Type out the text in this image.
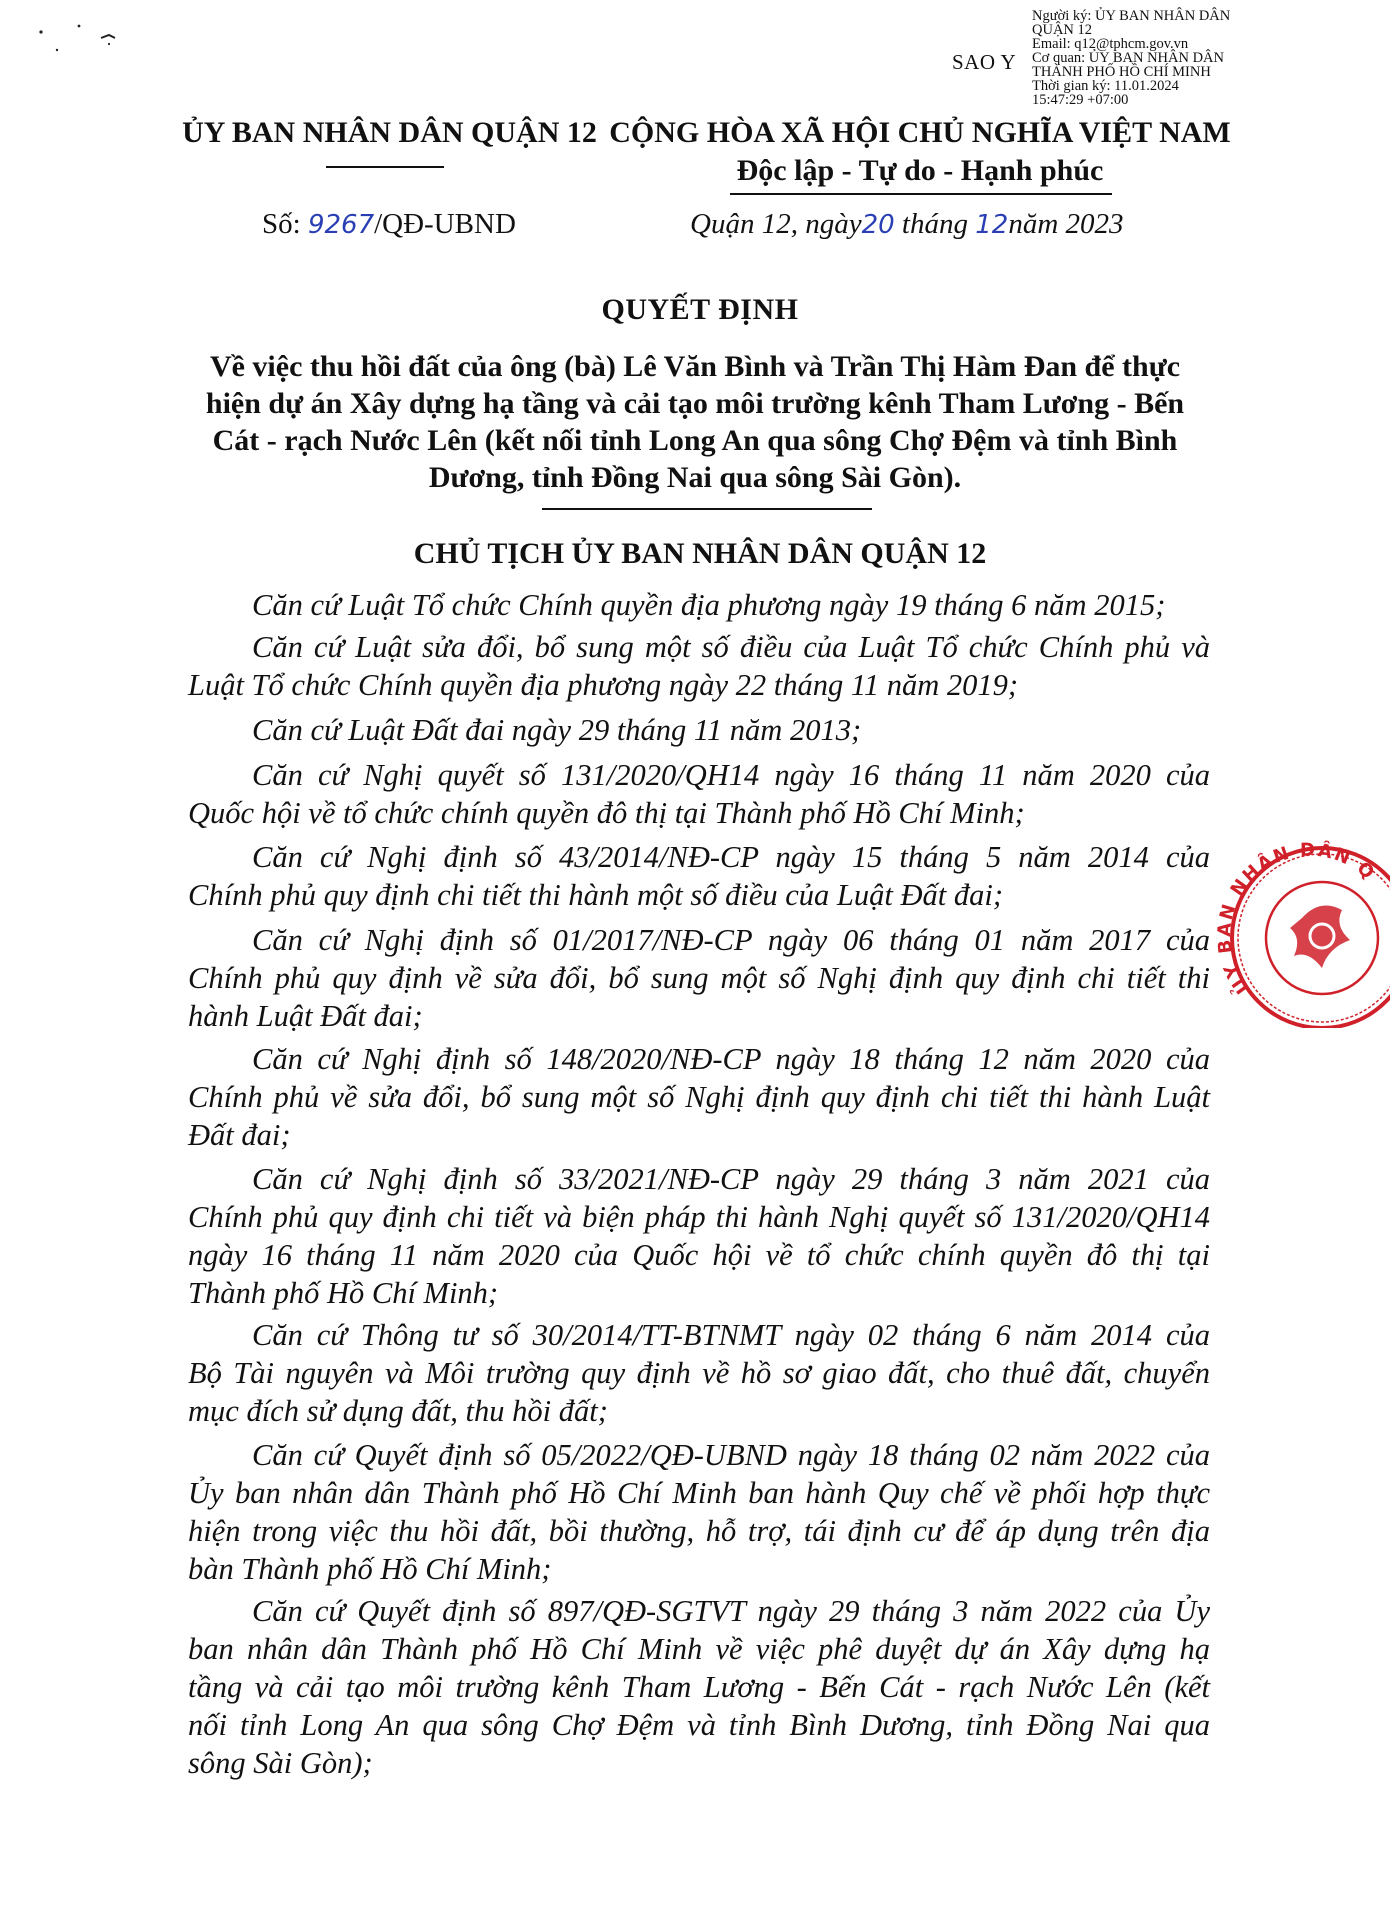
Người ký: ỦY BAN NHÂN DÂN
QUẬN 12
Email: q12@tphcm.gov.vn
Cơ quan: ỦY BAN NHÂN DÂN
THÀNH PHỐ HỒ CHÍ MINH
Thời gian ký: 11.01.2024
15:47:29 +07:00
SAO Y
ỦY BAN NHÂN DÂN QUẬN 12 CỘNG HÒA XÃ HỘI CHỦ NGHĨA VIỆT NAM
Độc lập - Tự do - Hạnh phúc
Số: 9267/QĐ-UBND	Quận 12, ngày20 tháng 12năm 2023
QUYẾT ĐỊNH
Về việc thu hồi đất của ông (bà) Lê Văn Bình và Trần Thị Hàm Đan để thực
hiện dự án Xây dựng hạ tầng và cải tạo môi trường kênh Tham Lương - Bến
Cát - rạch Nước Lên (kết nối tỉnh Long An qua sông Chợ Đệm và tỉnh Bình
Dương, tỉnh Đồng Nai qua sông Sài Gòn).
CHỦ TỊCH ỦY BAN NHÂN DÂN QUẬN 12
Căn cứ Luật Tổ chức Chính quyền địa phương ngày 19 tháng 6 năm 2015;
Căn cứ Luật sửa đổi, bổ sung một số điều của Luật Tổ chức Chính phủ và
Luật Tổ chức Chính quyền địa phương ngày 22 tháng 11 năm 2019;
Căn cứ Luật Đất đai ngày 29 tháng 11 năm 2013;
Căn cứ Nghị quyết số 131/2020/QH14 ngày 16 tháng 11 năm 2020 của
Quốc hội về tổ chức chính quyền đô thị tại Thành phố Hồ Chí Minh;
Căn cứ Nghị định số 43/2014/NĐ-CP ngày 15 tháng 5 năm 2014 của
Chính phủ quy định chi tiết thi hành một số điều của Luật Đất đai;
Căn cứ Nghị định số 01/2017/NĐ-CP ngày 06 tháng 01 năm 2017 của
Chính phủ quy định về sửa đổi, bổ sung một số Nghị định quy định chi tiết thi
hành Luật Đất đai;
Căn cứ Nghị định số 148/2020/NĐ-CP ngày 18 tháng 12 năm 2020 của
Chính phủ về sửa đổi, bổ sung một số Nghị định quy định chi tiết thi hành Luật
Đất đai;
Căn cứ Nghị định số 33/2021/NĐ-CP ngày 29 tháng 3 năm 2021 của
Chính phủ quy định chi tiết và biện pháp thi hành Nghị quyết số 131/2020/QH14
ngày 16 tháng 11 năm 2020 của Quốc hội về tổ chức chính quyền đô thị tại
Thành phố Hồ Chí Minh;
Căn cứ Thông tư số 30/2014/TT-BTNMT ngày 02 tháng 6 năm 2014 của
Bộ Tài nguyên và Môi trường quy định về hồ sơ giao đất, cho thuê đất, chuyển
mục đích sử dụng đất, thu hồi đất;
Căn cứ Quyết định số 05/2022/QĐ-UBND ngày 18 tháng 02 năm 2022 của
Ủy ban nhân dân Thành phố Hồ Chí Minh ban hành Quy chế về phối hợp thực
hiện trong việc thu hồi đất, bồi thường, hỗ trợ, tái định cư để áp dụng trên địa
bàn Thành phố Hồ Chí Minh;
Căn cứ Quyết định số 897/QĐ-SGTVT ngày 29 tháng 3 năm 2022 của Ủy
ban nhân dân Thành phố Hồ Chí Minh về việc phê duyệt dự án Xây dựng hạ
tầng và cải tạo môi trường kênh Tham Lương - Bến Cát - rạch Nước Lên (kết
nối tỉnh Long An qua sông Chợ Đệm và tỉnh Bình Dương, tỉnh Đồng Nai qua
sông Sài Gòn);
ỦY BAN NHÂN DÂN Q
